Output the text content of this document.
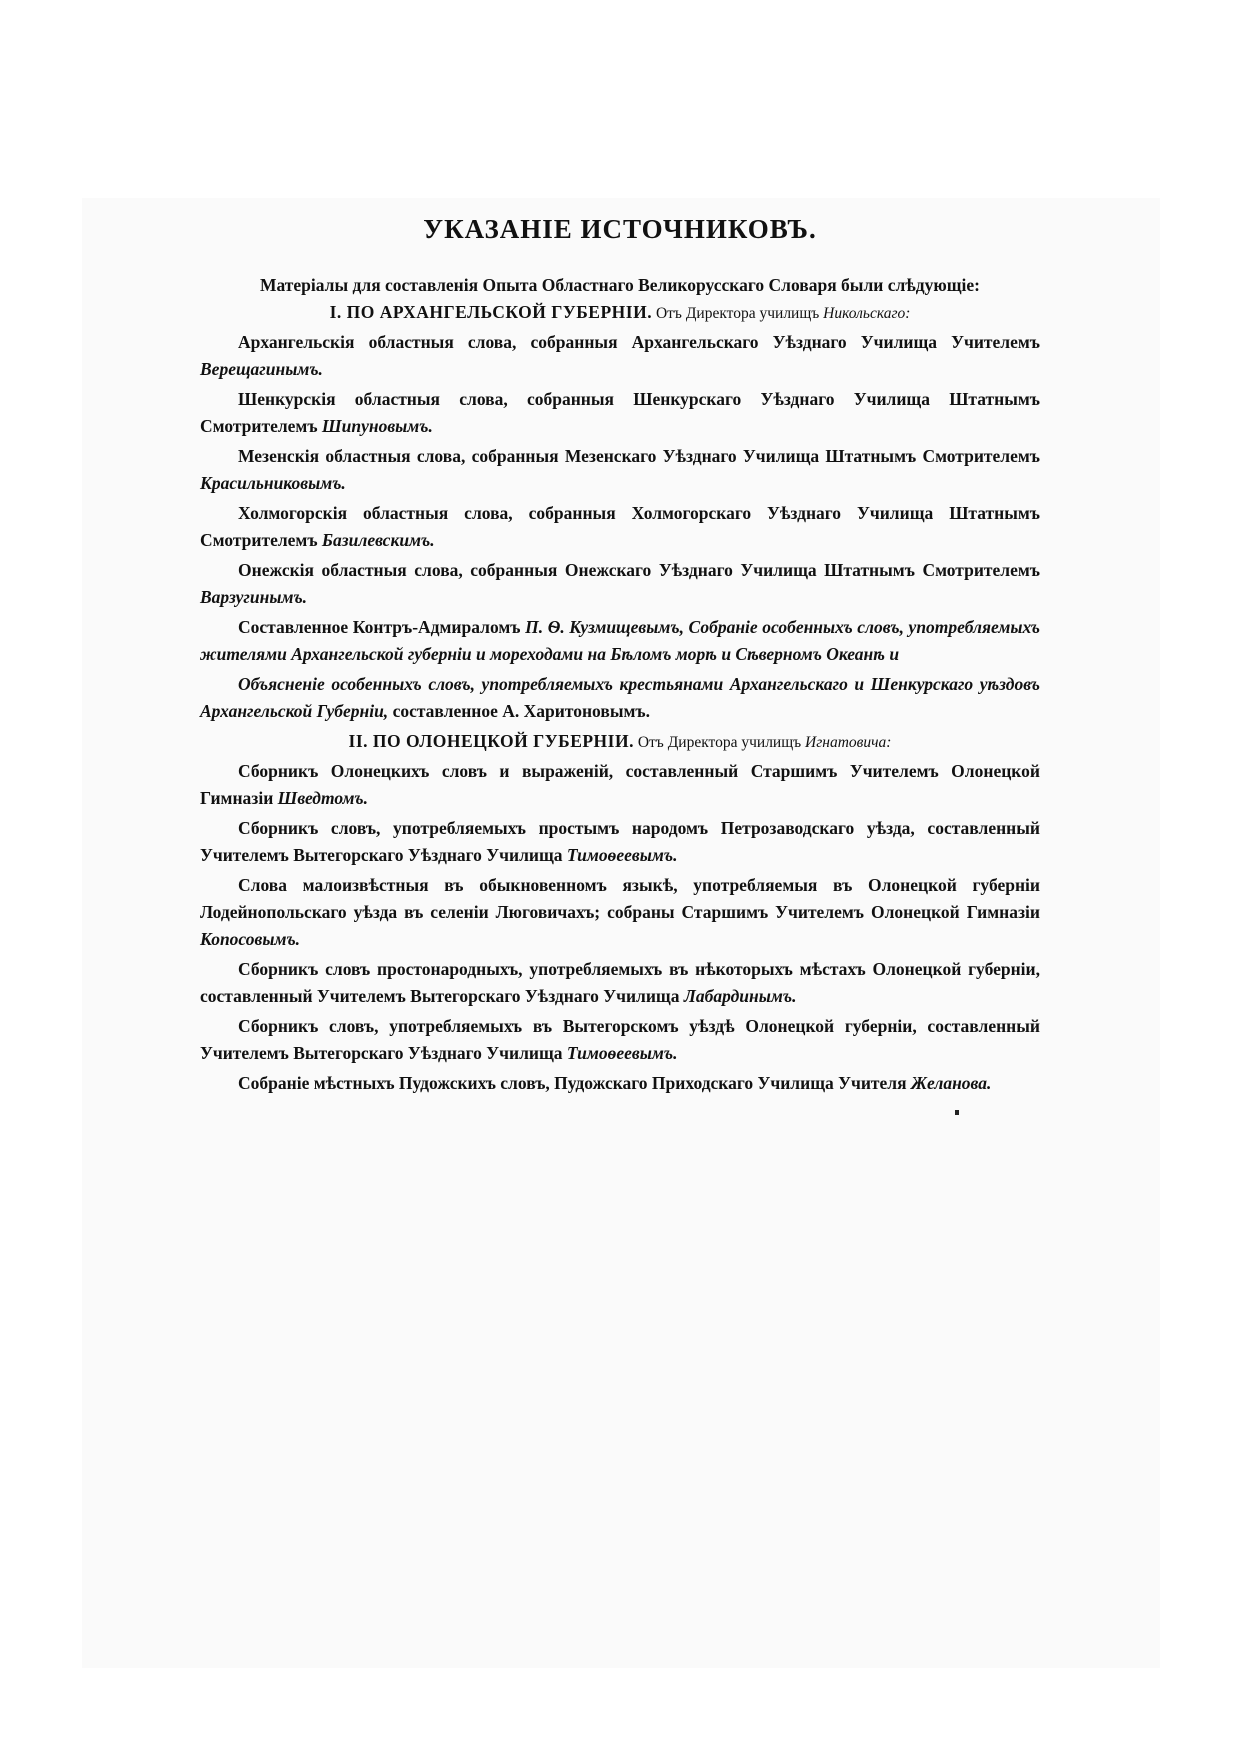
УКАЗАНІЕ ИСТОЧНИКОВЪ.

Матеріалы для составленія Опыта Областнаго Великорусскаго Словаря были слѣдующіе:

I. ПО АРХАНГЕЛЬСКОЙ ГУБЕРНІИ. Отъ Директора училищъ Никольскаго:

Архангельскія областныя слова, собранныя Архангельскаго Уѣзднаго Училища Учителемъ Верещагинымъ.

Шенкурскія областныя слова, собранныя Шенкурскаго Уѣзднаго Училища Штатнымъ Смотрителемъ Шипуновымъ.

Мезенскія областныя слова, собранныя Мезенскаго Уѣзднаго Училища Штатнымъ Смотрителемъ Красильниковымъ.

Холмогорскія областныя слова, собранныя Холмогорскаго Уѣзднаго Училища Штатнымъ Смотрителемъ Базилевскимъ.

Онежскія областныя слова, собранныя Онежскаго Уѣзднаго Училища Штатнымъ Смотрителемъ Варзугинымъ.

Составленное Контръ-Адмираломъ П. Ѳ. Кузмищевымъ, Собраніе особенныхъ словъ, употребляемыхъ жителями Архангельской губерніи и мореходами на Бѣломъ морѣ и Сѣверномъ Океанѣ и

Объясненіе особенныхъ словъ, употребляемыхъ крестьянами Архангельскаго и Шенкурскаго уѣздовъ Архангельской Губерніи, составленное А. Харитоновымъ.

II. ПО ОЛОНЕЦКОЙ ГУБЕРНІИ. Отъ Директора училищъ Игнатовича:

Сборникъ Олонецкихъ словъ и выраженій, составленный Старшимъ Учителемъ Олонецкой Гимназіи Шведтомъ.

Сборникъ словъ, употребляемыхъ простымъ народомъ Петрозаводскаго уѣзда, составленный Учителемъ Вытегорскаго Уѣзднаго Училища Тимоѳеевымъ.

Слова малоизвѣстныя въ обыкновенномъ языкѣ, употребляемыя въ Олонецкой губерніи Лодейнопольскаго уѣзда въ селеніи Люговичахъ; собраны Старшимъ Учителемъ Олонецкой Гимназіи Копосовымъ.

Сборникъ словъ простонародныхъ, употребляемыхъ въ нѣкоторыхъ мѣстахъ Олонецкой губерніи, составленный Учителемъ Вытегорскаго Уѣзднаго Училища Лабардинымъ.

Сборникъ словъ, употребляемыхъ въ Вытегорскомъ уѣздѣ Олонецкой губерніи, составленный Учителемъ Вытегорскаго Уѣзднаго Училища Тимоѳеевымъ.

Собраніе мѣстныхъ Пудожскихъ словъ, Пудожскаго Приходскаго Училища Учителя Желанова.
